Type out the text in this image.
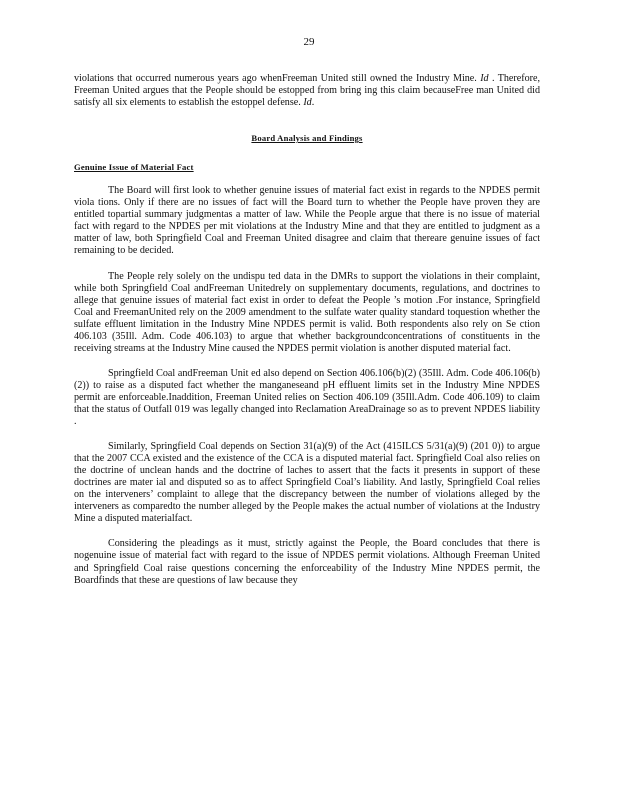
29

violations that occurred numerous years ago whenFreeman United still owned the Industry Mine. Id . Therefore, Freeman United argues that the People should be estopped from bring ing this claim becauseFree man United did satisfy all six elements to establish the estoppel defense. Id.

Board Analysis and Findings
Genuine Issue of Material Fact

The Board will first look to whether genuine issues of material fact exist in regards to the NPDES permit viola tions. Only if there are no issues of fact will the Board turn to whether the People have proven they are entitled topartial summary judgmentas a matter of law. While the People argue that there is no issue of material fact with regard to the NPDES per mit violations at the Industry Mine and that they are entitled to judgment as a matter of law, both Springfield Coal and Freeman United disagree and claim that thereare genuine issues of fact remaining to be decided.

The People rely solely on the undispu ted data in the DMRs to support the violations in their complaint, while both Springfield Coal andFreeman Unitedrely on supplementary documents, regulations, and doctrines to allege that genuine issues of material fact exist in order to defeat the People ’s motion .For instance, Springfield Coal and FreemanUnited rely on the 2009 amendment to the sulfate water quality standard toquestion whether the sulfate effluent limitation in the Industry Mine NPDES permit is valid. Both respondents also rely on Se ction 406.103 (35Ill. Adm. Code 406.103) to argue that whether backgroundconcentrations of constituents in the receiving streams at the Industry Mine caused the NPDES permit violation is another disputed material fact.

Springfield Coal andFreeman Unit ed also depend on Section 406.106(b)(2) (35Ill. Adm. Code 406.106(b)(2)) to raise as a disputed fact whether the manganeseand pH effluent limits set in the Industry Mine NPDES permit are enforceable.Inaddition, Freeman United relies on Section 406.109 (35Ill.Adm. Code 406.109) to claim that the status of Outfall 019 was legally changed into Reclamation AreaDrainage so as to prevent NPDES liability .

Similarly, Springfield Coal depends on Section 31(a)(9) of the Act (415ILCS 5/31(a)(9) (201 0)) to argue that the 2007 CCA existed and the existence of the CCA is a disputed material fact. Springfield Coal also relies on the doctrine of unclean hands and the doctrine of laches to assert that the facts it presents in support of these doctrines are mater ial and disputed so as to affect Springfield Coal’s liability. And lastly, Springfield Coal relies on the interveners’ complaint to allege that the discrepancy between the number of violations alleged by the interveners as comparedto the number alleged by the People makes the actual number of violations at the Industry Mine a disputed materialfact.

Considering the pleadings as it must, strictly against the People, the Board concludes that there is nogenuine issue of material fact with regard to the issue of NPDES permit violations. Although Freeman United and Springfield Coal raise questions concerning the enforceability of the Industry Mine NPDES permit, the Boardfinds that these are questions of law because they
